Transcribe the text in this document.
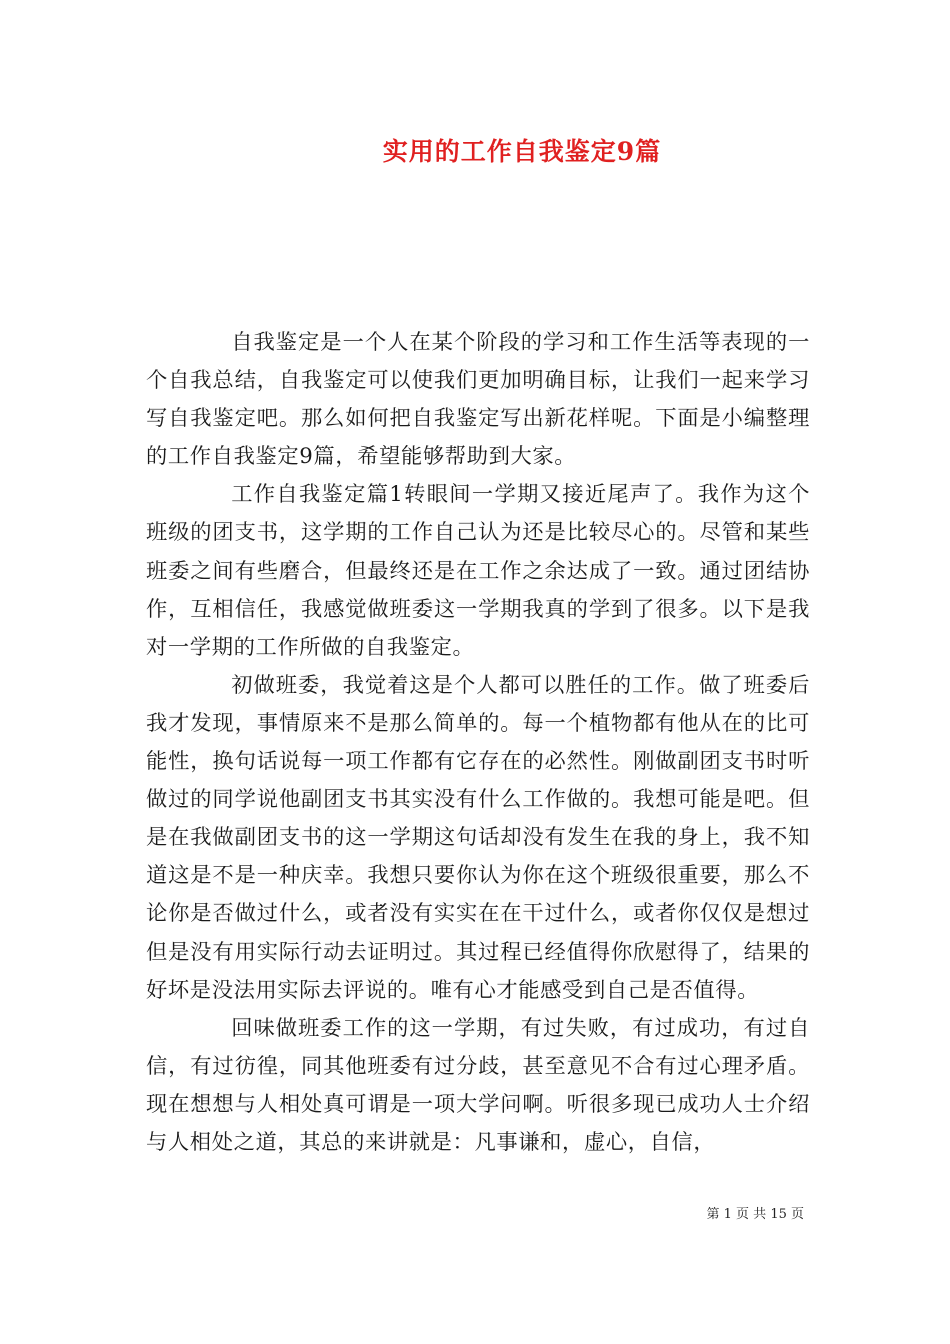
实用的工作自我鉴定9篇

自我鉴定是一个人在某个阶段的学习和工作生活等表现的一个自我总结，自我鉴定可以使我们更加明确目标，让我们一起来学习写自我鉴定吧。那么如何把自我鉴定写出新花样呢。下面是小编整理的工作自我鉴定9篇，希望能够帮助到大家。

工作自我鉴定篇1转眼间一学期又接近尾声了。我作为这个班级的团支书，这学期的工作自己认为还是比较尽心的。尽管和某些班委之间有些磨合，但最终还是在工作之余达成了一致。通过团结协作，互相信任，我感觉做班委这一学期我真的学到了很多。以下是我对一学期的工作所做的自我鉴定。

初做班委，我觉着这是个人都可以胜任的工作。做了班委后我才发现，事情原来不是那么简单的。每一个植物都有他从在的比可能性，换句话说每一项工作都有它存在的必然性。刚做副团支书时听做过的同学说他副团支书其实没有什么工作做的。我想可能是吧。但是在我做副团支书的这一学期这句话却没有发生在我的身上，我不知道这是不是一种庆幸。我想只要你认为你在这个班级很重要，那么不论你是否做过什么，或者没有实实在在干过什么，或者你仅仅是想过但是没有用实际行动去证明过。其过程已经值得你欣慰得了，结果的好坏是没法用实际去评说的。唯有心才能感受到自己是否值得。

回味做班委工作的这一学期，有过失败，有过成功，有过自信，有过彷徨，同其他班委有过分歧，甚至意见不合有过心理矛盾。现在想想与人相处真可谓是一项大学问啊。听很多现已成功人士介绍与人相处之道，其总的来讲就是：凡事谦和，虚心，自信，

第 1 页 共 15 页
